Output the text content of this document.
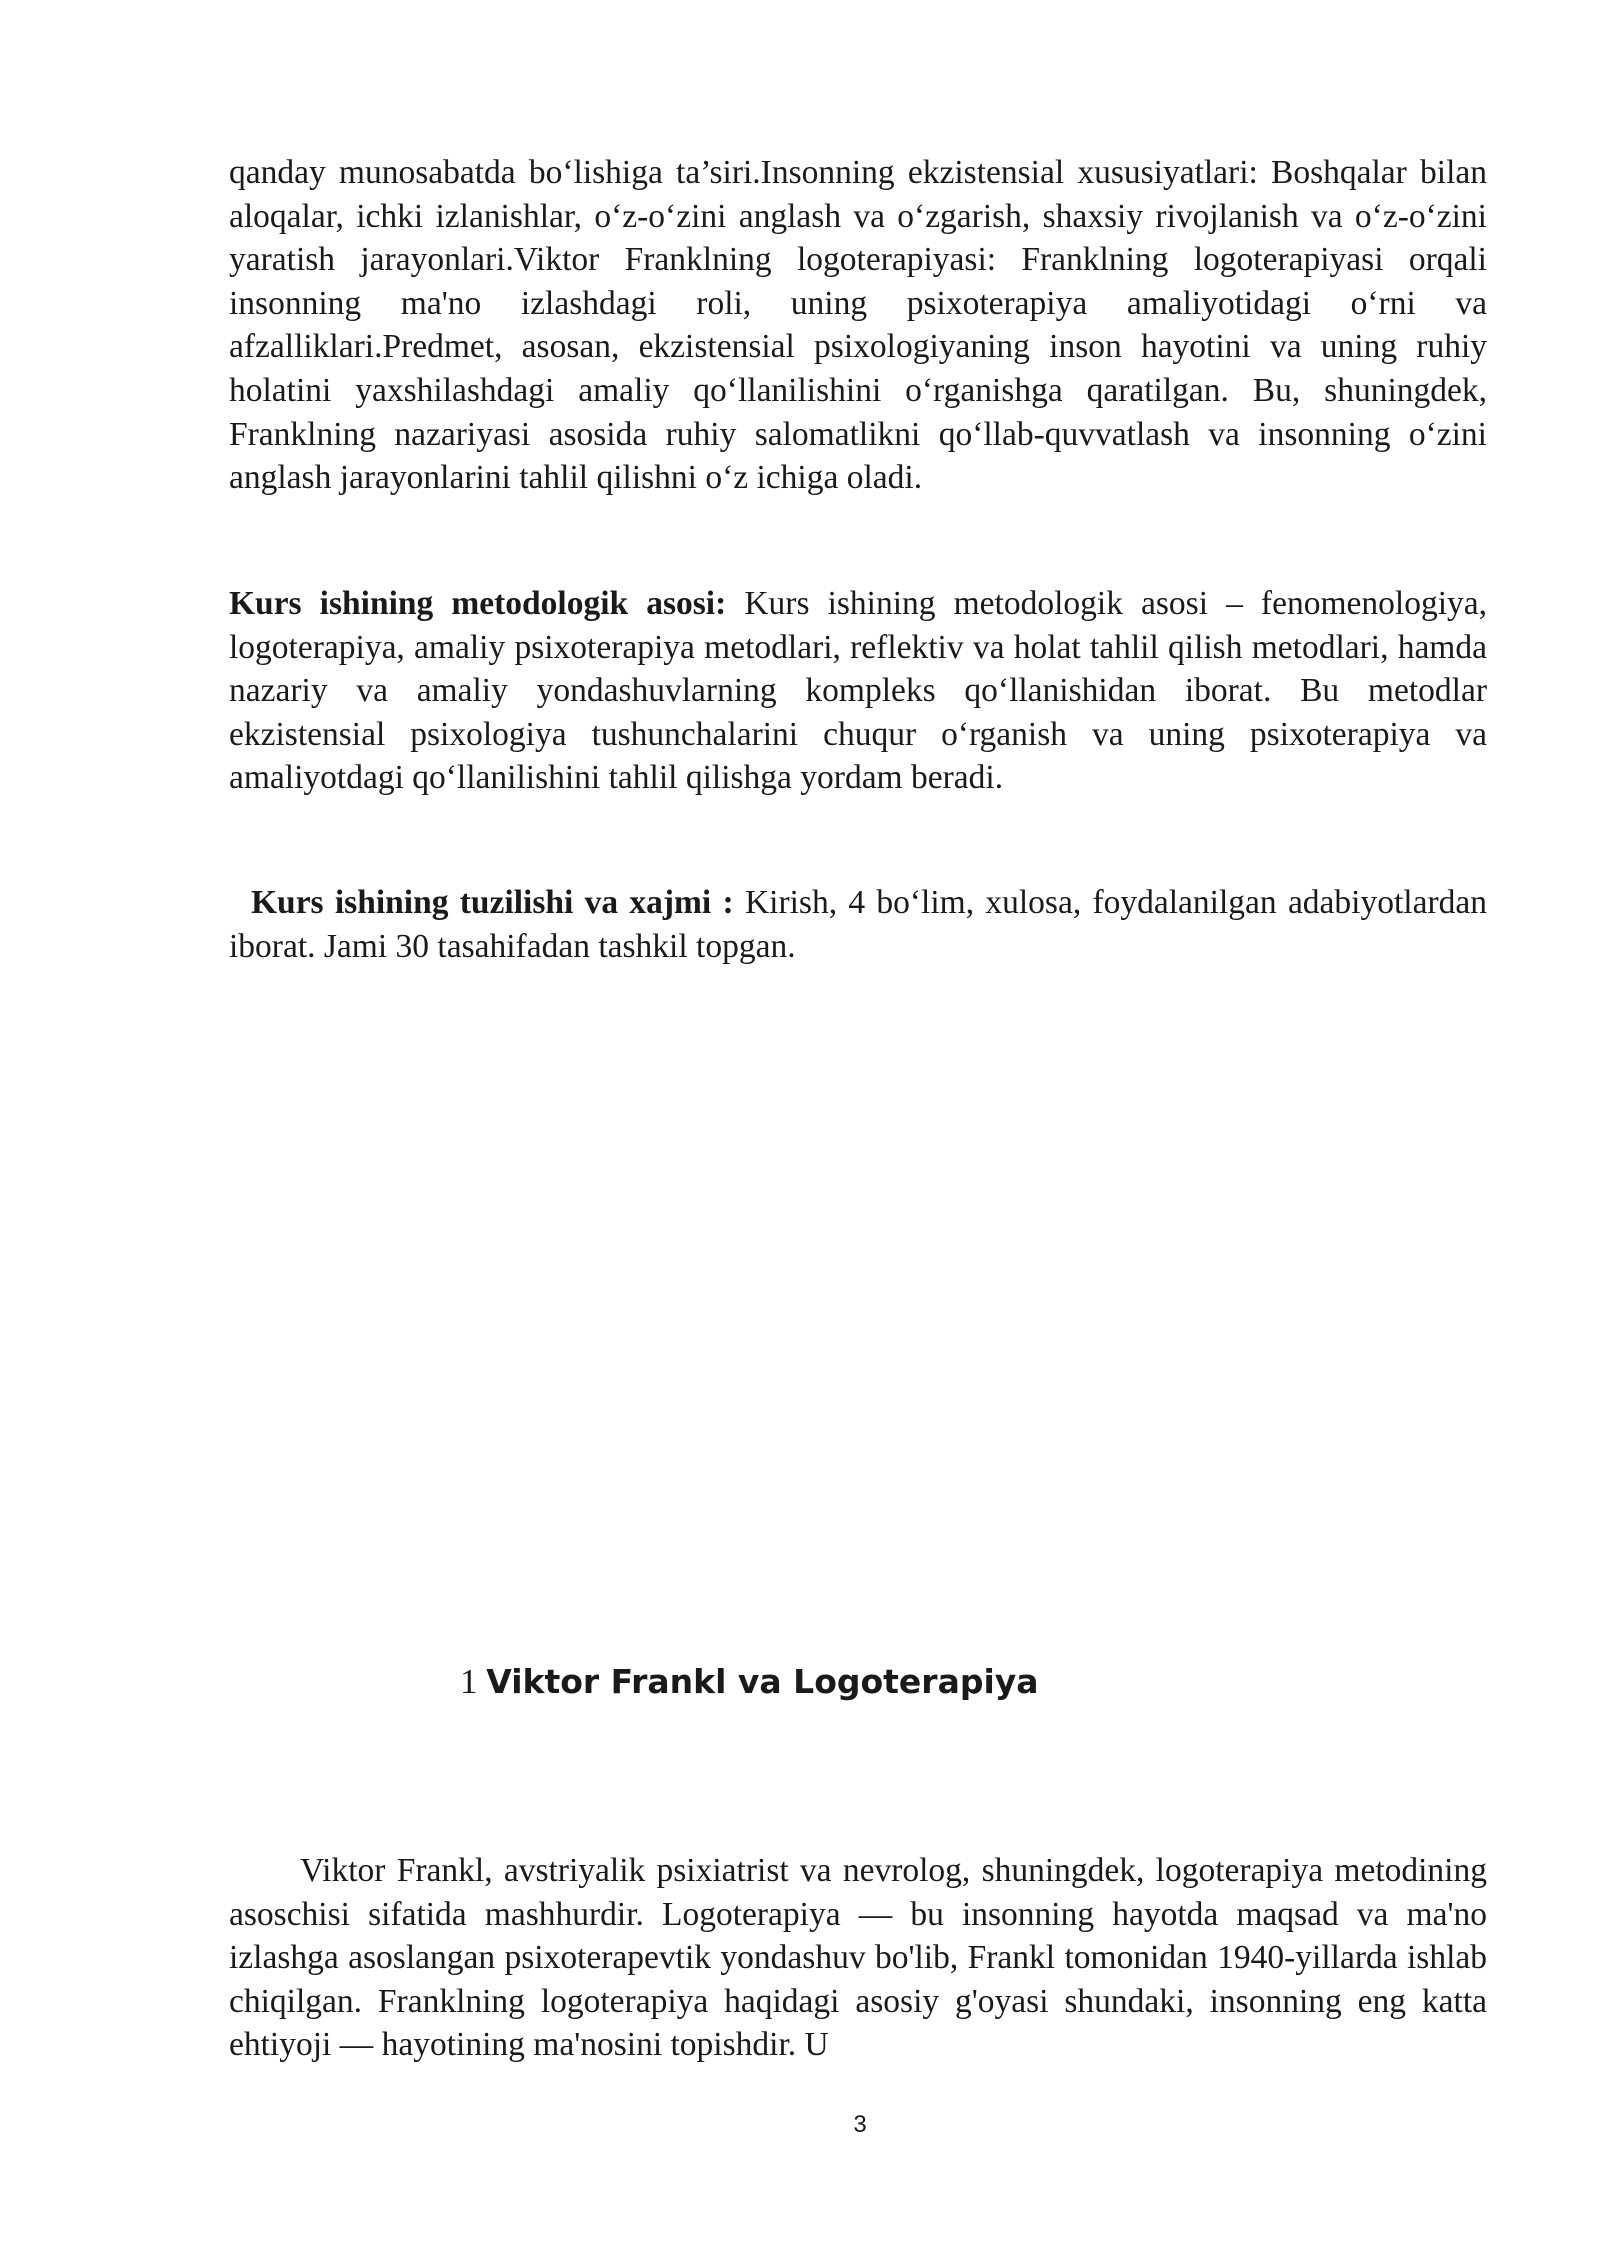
qanday munosabatda bo‘lishiga ta’siri.Insonning ekzistensial xususiyatlari: Boshqalar bilan aloqalar, ichki izlanishlar, o‘z-o‘zini anglash va o‘zgarish, shaxsiy rivojlanish va o‘z-o‘zini yaratish jarayonlari.Viktor Franklning logoterapiyasi: Franklning logoterapiyasi orqali insonning ma'no izlashdagi roli, uning psixoterapiya amaliyotidagi o‘rni va afzalliklari.Predmet, asosan, ekzistensial psixologiyaning inson hayotini va uning ruhiy holatini yaxshilashdagi amaliy qo‘llanilishini o‘rganishga qaratilgan. Bu, shuningdek, Franklning nazariyasi asosida ruhiy salomatlikni qo‘llab-quvvatlash va insonning o‘zini anglash jarayonlarini tahlil qilishni o‘z ichiga oladi.

Kurs ishining metodologik asosi: Kurs ishining metodologik asosi – fenomenologiya, logoterapiya, amaliy psixoterapiya metodlari, reflektiv va holat tahlil qilish metodlari, hamda nazariy va amaliy yondashuvlarning kompleks qo‘llanishidan iborat. Bu metodlar ekzistensial psixologiya tushunchalarini chuqur o‘rganish va uning psixoterapiya va amaliyotdagi qo‘llanilishini tahlil qilishga yordam beradi.

Kurs ishining tuzilishi va xajmi : Kirish, 4 bo‘lim, xulosa, foydalanilgan adabiyotlardan iborat. Jami 30 tasahifadan tashkil topgan.

1 Viktor Frankl va Logoterapiya

Viktor Frankl, avstriyalik psixiatrist va nevrolog, shuningdek, logoterapiya metodining asoschisi sifatida mashhurdir. Logoterapiya — bu insonning hayotda maqsad va ma'no izlashga asoslangan psixoterapevtik yondashuv bo'lib, Frankl tomonidan 1940-yillarda ishlab chiqilgan. Franklning logoterapiya haqidagi asosiy g'oyasi shundaki, insonning eng katta ehtiyoji — hayotining ma'nosini topishdir. U

3
